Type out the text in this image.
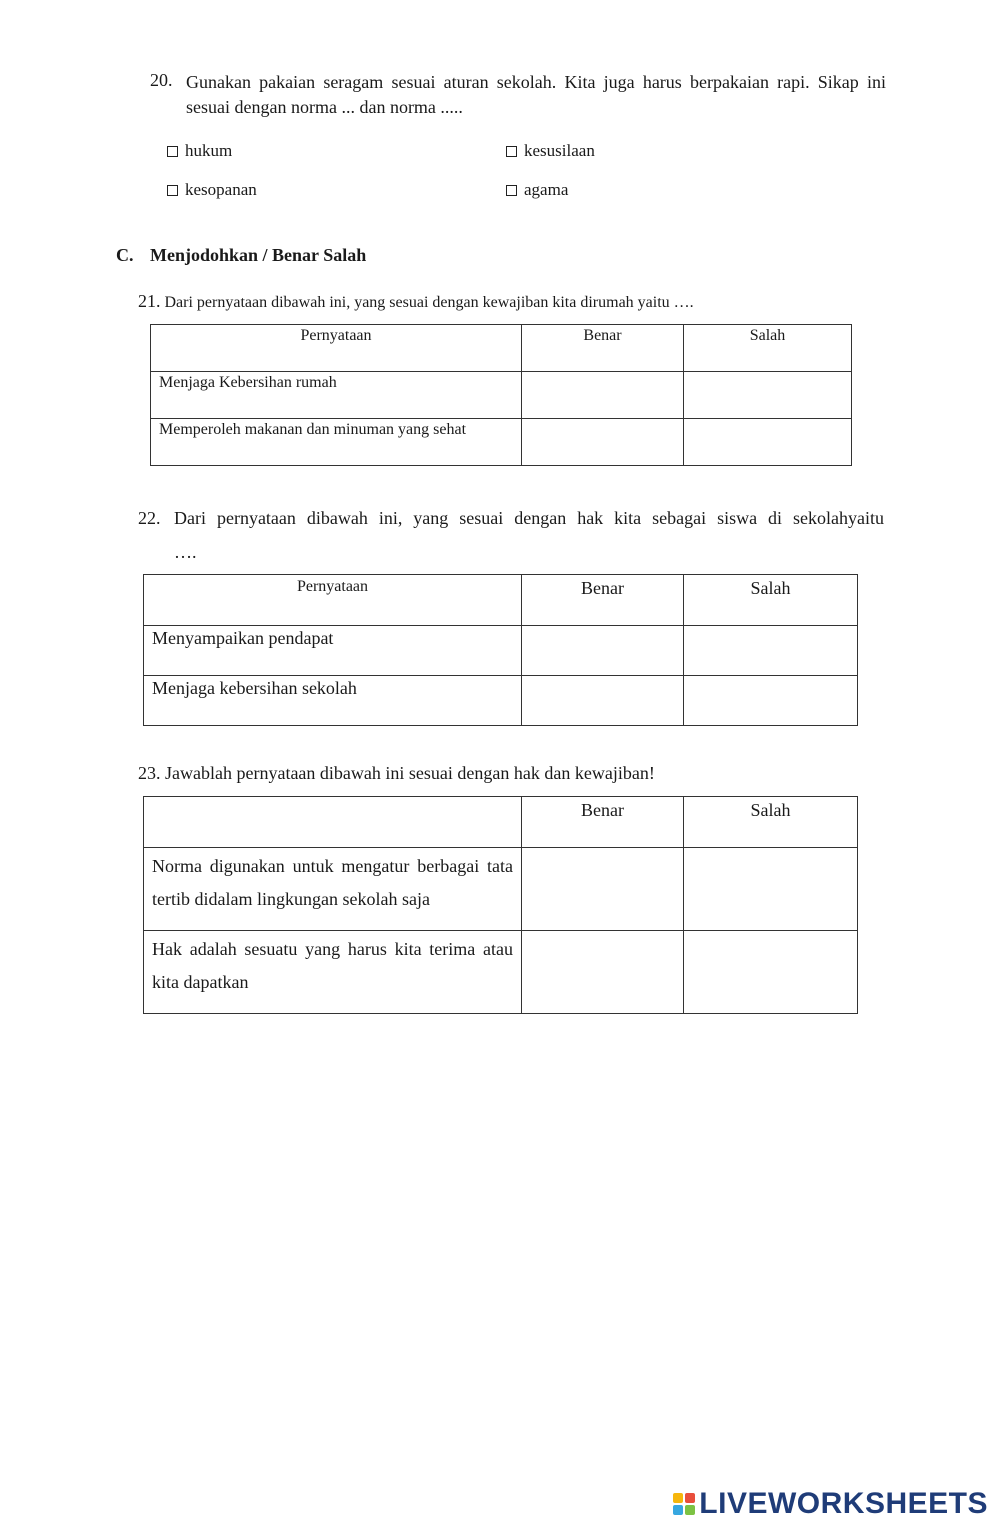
20. Gunakan pakaian seragam sesuai aturan sekolah. Kita juga harus berpakaian rapi. Sikap ini sesuai dengan norma ... dan norma .....
hukum	kesusilaan
kesopanan	agama
C. Menjodohkan / Benar Salah
21. Dari pernyataan dibawah ini, yang sesuai dengan kewajiban kita dirumah yaitu ….
Pernyataan	Benar	Salah
Menjaga Kebersihan rumah		
Memperoleh makanan dan minuman yang sehat		
22. Dari pernyataan dibawah ini, yang sesuai dengan hak kita sebagai siswa di sekolahyaitu
….
Pernyataan	Benar	Salah
Menyampaikan pendapat		
Menjaga kebersihan sekolah		
23. Jawablah pernyataan dibawah ini sesuai dengan hak dan kewajiban!
	Benar	Salah
Norma digunakan untuk mengatur berbagai tata tertib didalam lingkungan sekolah saja		
Hak adalah sesuatu yang harus kita terima atau kita dapatkan		
LIVEWORKSHEETS
